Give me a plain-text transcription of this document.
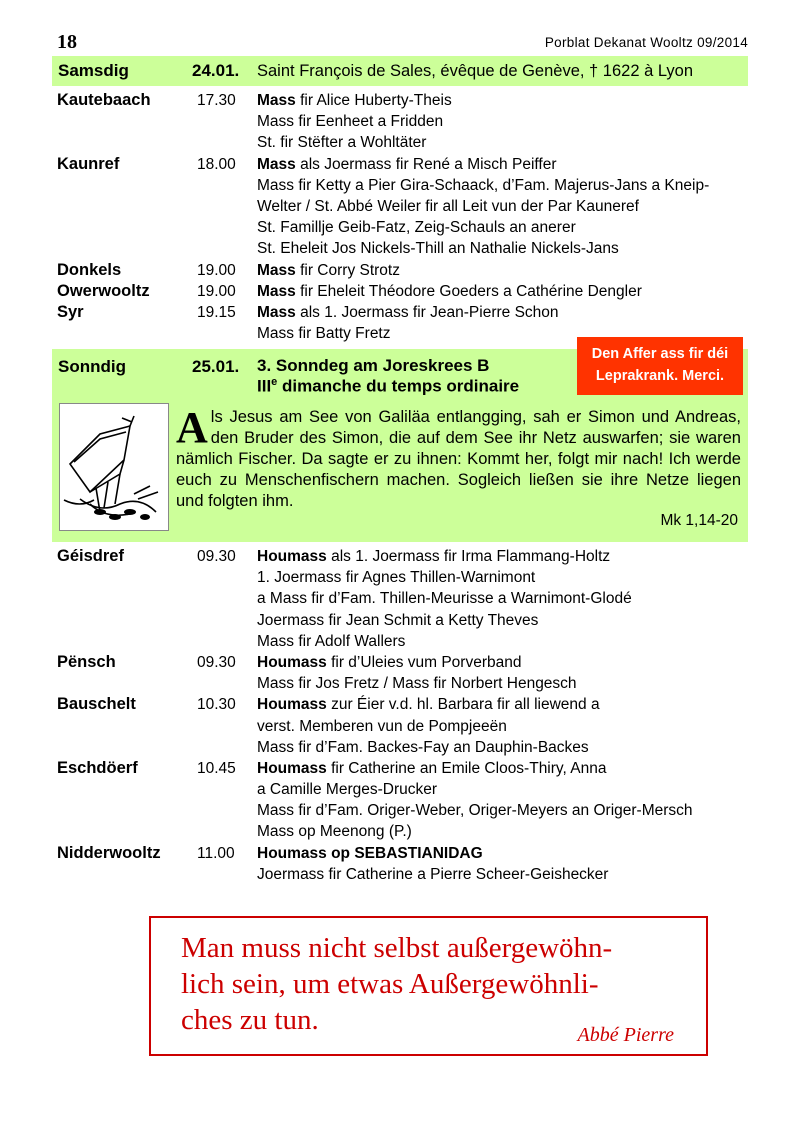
18	Porblat Dekanat Wooltz 09/2014
Samsdig	24.01. Saint François de Sales, évêque de Genève, † 1622 à Lyon
Kautebaach	17.30 Mass fir Alice Huberty-Theis
Mass fir Eenheet a Fridden
St. fir Stëfter a Wohltäter
Kaunref	18.00 Mass als Joermass fir René a Misch Peiffer
Mass fir Ketty a Pier Gira-Schaack, d’Fam. Majerus-Jans a Kneip-
Welter / St. Abbé Weiler fir all Leit vun der Par Kauneref
St. Famillje Geib-Fatz, Zeig-Schauls an anerer
St. Eheleit Jos Nickels-Thill an Nathalie Nickels-Jans
Donkels	19.00 Mass fir Corry Strotz
Owerwooltz	19.00 Mass fir Eheleit Théodore Goeders a Cathérine Dengler
Syr	19.15 Mass als 1. Joermass fir Jean-Pierre Schon
Mass fir Batty Fretz
Sonndig	25.01. 3. Sonndeg am Joreskrees B
IIIe dimanche du temps ordinaire
Als Jesus am See von Galiläa entlangging, sah er Simon und Andreas, den Bruder des Simon, die auf dem See ihr Netz auswarfen; sie waren nämlich Fischer. Da sagte er zu ihnen: Kommt her, folgt mir nach! Ich werde euch zu Menschenfischern machen. Sogleich ließen sie ihre Netze liegen und folgten ihm.
Mk 1,14-20
Den Affer ass fir déi
Leprakrank. Merci.
Géisdref	09.30 Houmass als 1. Joermass fir Irma Flammang-Holtz
1. Joermass fir Agnes Thillen-Warnimont
a Mass fir d’Fam. Thillen-Meurisse a Warnimont-Glodé
Joermass fir Jean Schmit a Ketty Theves
Mass fir Adolf Wallers
Pënsch	09.30 Houmass fir d’Uleies vum Porverband
Mass fir Jos Fretz / Mass fir Norbert Hengesch
Bauschelt	10.30 Houmass zur Éier v.d. hl. Barbara fir all liewend a
verst. Memberen vun de Pompjeeën
Mass fir d’Fam. Backes-Fay an Dauphin-Backes
Eschdöerf	10.45 Houmass fir Catherine an Emile Cloos-Thiry, Anna
a Camille Merges-Drucker
Mass fir d’Fam. Origer-Weber, Origer-Meyers an Origer-Mersch
Mass op Meenong (P.)
Nidderwooltz 11.00 Houmass op SEBASTIANIDAG
Joermass fir Catherine a Pierre Scheer-Geishecker
Man muss nicht selbst außergewöhn-
lich sein, um etwas Außergewöhnli-
ches zu tun.	Abbé Pierre
